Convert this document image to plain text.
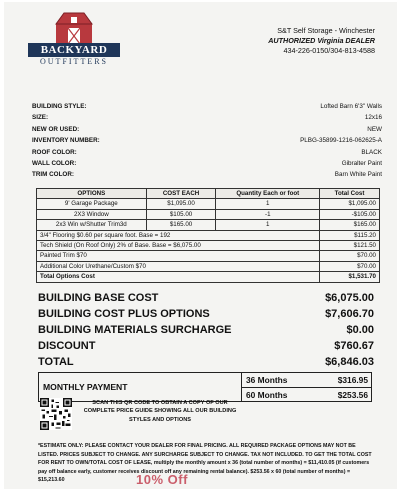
BACKYARD
OUTFITTERS
S&T Self Storage - Winchester
AUTHORIZED Virginia DEALER
434-226-0150/304-813-4588
BUILDING STYLE:	Lofted Barn 6'3" Walls
SIZE:	12x16
NEW OR USED:	NEW
INVENTORY NUMBER:	PLBG-35899-1216-062625-A
ROOF COLOR:	BLACK
WALL COLOR:	Gibralter Paint
TRIM COLOR:	Barn White Paint
OPTIONS	COST EACH	Quantity Each or foot	Total Cost
9' Garage Package	$1,095.00	1	$1,095.00
2X3 Window	$105.00	-1	-$105.00
2x3 Win w/Shutter Trim3d	$165.00	1	$165.00
3/4" Flooring $0.60 per square foot. Base = 192			$115.20
Tech Shield (On Roof Only) 2% of Base. Base = $6,075.00			$121.50
Painted Trim $70			$70.00
Additional Color Urethane/Custom $70			$70.00
Total Options Cost			$1,531.70
BUILDING BASE COST	$6,075.00
BUILDING COST PLUS OPTIONS	$7,606.70
BUILDING MATERIALS SURCHARGE	$0.00
DISCOUNT	$760.67
TOTAL	$6,846.03
MONTHLY PAYMENT
36 Months	$316.95
60 Months	$253.56
SCAN THIS QR CODE TO OBTAIN A COPY OF OUR COMPLETE PRICE GUIDE SHOWING ALL OUR BUILDING STYLES AND OPTIONS
*ESTIMATE ONLY: PLEASE CONTACT YOUR DEALER FOR FINAL PRICING. ALL REQUIRED PACKAGE OPTIONS MAY NOT BE LISTED. PRICES SUBJECT TO CHANGE. ANY SURCHARGE SUBJECT TO CHANGE. TAX NOT INCLUDED. TO GET THE TOTAL COST FOR RENT TO OWN/TOTAL COST OF LEASE, multiply the monthly amount x 36 (total number of months) = $11,410.05 (if customers pay off balance early, customer receives discount off any remaining rental balance). $253.56 x 60 (total number of months) = $15,213.60	10% Off
